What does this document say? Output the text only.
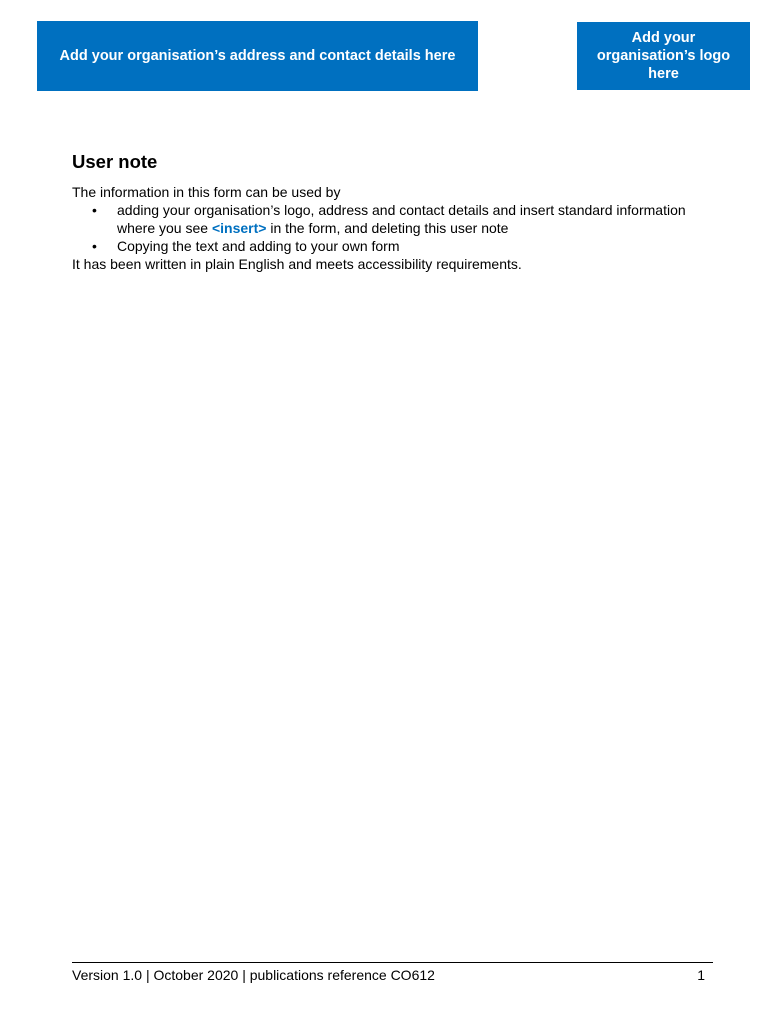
Add your organisation’s address and contact details here
Add your organisation’s logo here
User note

The information in this form can be used by

• adding your organisation’s logo, address and contact details and insert standard information where you see <insert> in the form, and deleting this user note
• Copying the text and adding to your own form

It has been written in plain English and meets accessibility requirements.

Version 1.0 | October 2020 | publications reference CO612	1
